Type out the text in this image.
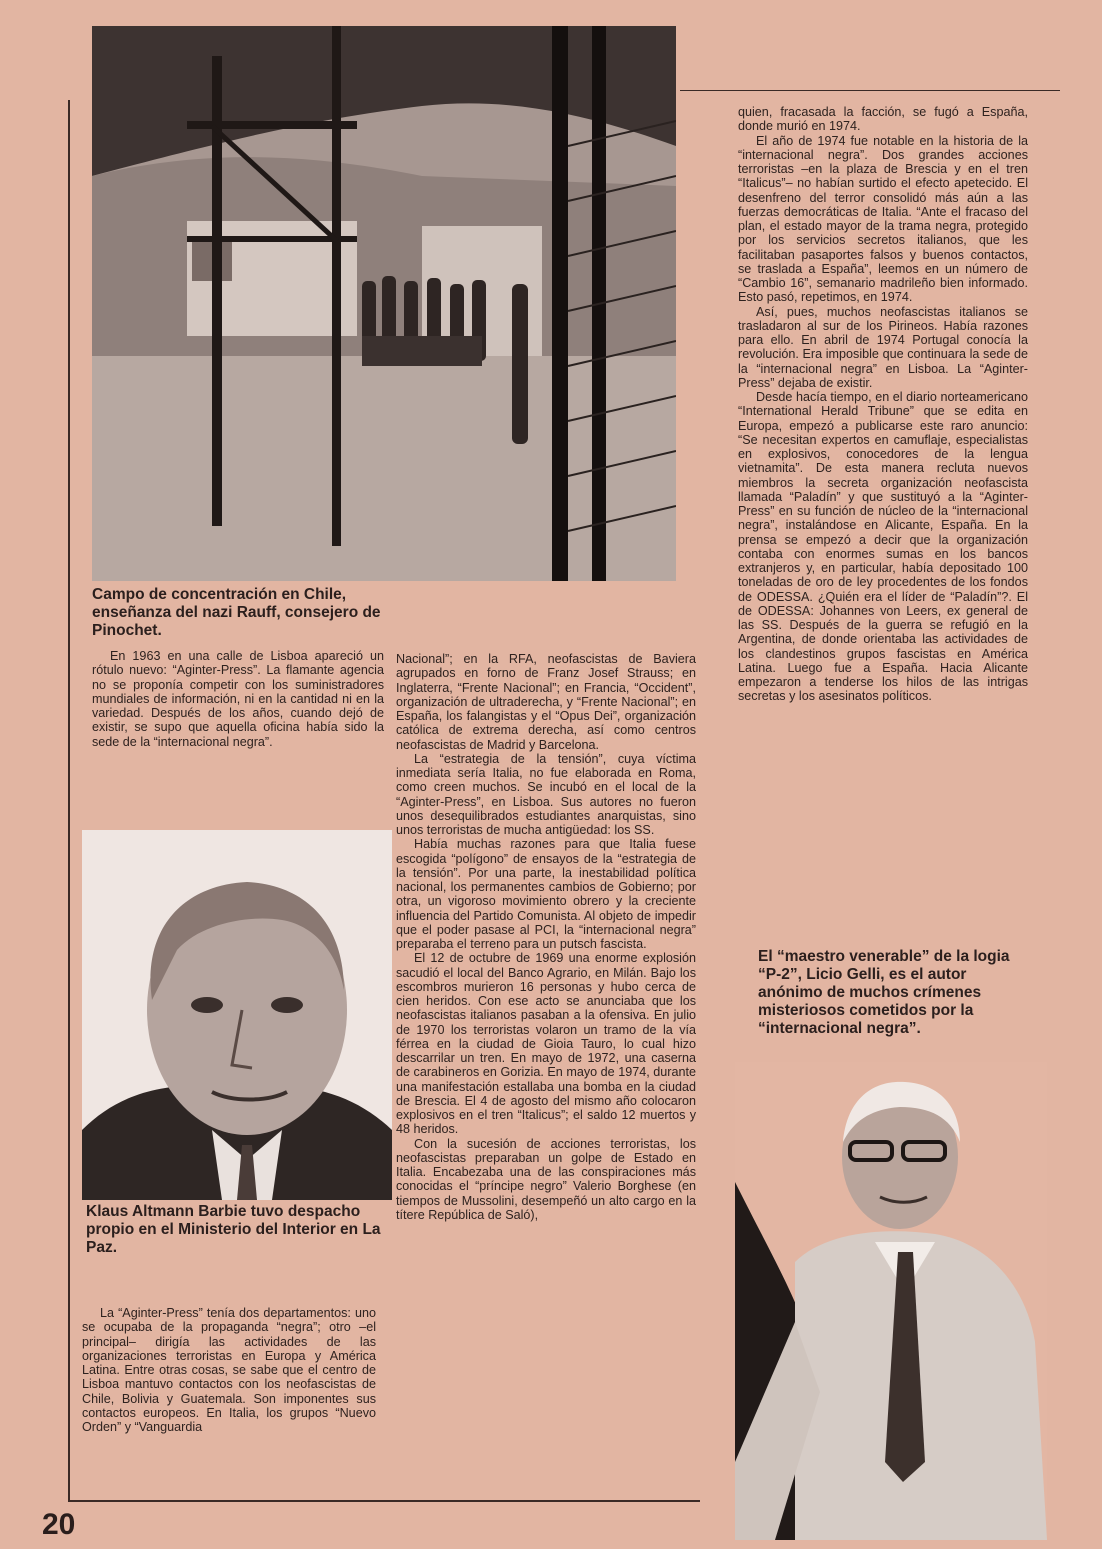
Campo de concentración en Chile, enseñanza del nazi Rauff, consejero de Pinochet.

En 1963 en una calle de Lisboa apareció un rótulo nuevo: “Aginter-Press”. La flamante agencia no se proponía competir con los suministradores mundiales de información, ni en la cantidad ni en la variedad. Después de los años, cuando dejó de existir, se supo que aquella oficina había sido la sede de la “internacional negra”.

Klaus Altmann Barbie tuvo despacho propio en el Ministerio del Interior en La Paz.

La “Aginter-Press” tenía dos departamentos: uno se ocupaba de la propaganda “negra”; otro –el principal– dirigía las actividades de las organizaciones terroristas en Europa y América Latina. Entre otras cosas, se sabe que el centro de Lisboa mantuvo contactos con los neofascistas de Chile, Bolivia y Guatemala. Son imponentes sus contactos europeos. En Italia, los grupos “Nuevo Orden” y “Vanguardia

Nacional”; en la RFA, neofascistas de Baviera agrupados en forno de Franz Josef Strauss; en Inglaterra, “Frente Nacional”; en Francia, “Occident”, organización de ultraderecha, y “Frente Nacional”; en España, los falangistas y el “Opus Dei”, organización católica de extrema derecha, así como centros neofascistas de Madrid y Barcelona.

La “estrategia de la tensión”, cuya víctima inmediata sería Italia, no fue elaborada en Roma, como creen muchos. Se incubó en el local de la “Aginter-Press”, en Lisboa. Sus autores no fueron unos desequilibrados estudiantes anarquistas, sino unos terroristas de mucha antigüedad: los SS.

Había muchas razones para que Italia fuese escogida “polígono” de ensayos de la “estrategia de la tensión”. Por una parte, la inestabilidad política nacional, los permanentes cambios de Gobierno; por otra, un vigoroso movimiento obrero y la creciente influencia del Partido Comunista. Al objeto de impedir que el poder pasase al PCI, la “internacional negra” preparaba el terreno para un putsch fascista.

El 12 de octubre de 1969 una enorme explosión sacudió el local del Banco Agrario, en Milán. Bajo los escombros murieron 16 personas y hubo cerca de cien heridos. Con ese acto se anunciaba que los neofascistas italianos pasaban a la ofensiva. En julio de 1970 los terroristas volaron un tramo de la vía férrea en la ciudad de Gioia Tauro, lo cual hizo descarrilar un tren. En mayo de 1972, una caserna de carabineros en Gorizia. En mayo de 1974, durante una manifestación estallaba una bomba en la ciudad de Brescia. El 4 de agosto del mismo año colocaron explosivos en el tren “Italicus”; el saldo 12 muertos y 48 heridos.

Con la sucesión de acciones terroristas, los neofascistas preparaban un golpe de Estado en Italia. Encabezaba una de las conspiraciones más conocidas el “príncipe negro” Valerio Borghese (en tiempos de Mussolini, desempeñó un alto cargo en la títere República de Saló),

quien, fracasada la facción, se fugó a España, donde murió en 1974.

El año de 1974 fue notable en la historia de la “internacional negra”. Dos grandes acciones terroristas –en la plaza de Brescia y en el tren “Italicus”– no habían surtido el efecto apetecido. El desenfreno del terror consolidó más aún a las fuerzas democráticas de Italia. “Ante el fracaso del plan, el estado mayor de la trama negra, protegido por los servicios secretos italianos, que les facilitaban pasaportes falsos y buenos contactos, se traslada a España”, leemos en un número de “Cambio 16”, semanario madrileño bien informado. Esto pasó, repetimos, en 1974.

Así, pues, muchos neofascistas italianos se trasladaron al sur de los Pirineos. Había razones para ello. En abril de 1974 Portugal conocía la revolución. Era imposible que continuara la sede de la “internacional negra” en Lisboa. La “Aginter-Press” dejaba de existir.

Desde hacía tiempo, en el diario norteamericano “International Herald Tribune” que se edita en Europa, empezó a publicarse este raro anuncio: “Se necesitan expertos en camuflaje, especialistas en explosivos, conocedores de la lengua vietnamita”. De esta manera recluta nuevos miembros la secreta organización neofascista llamada “Paladín” y que sustituyó a la “Aginter-Press” en su función de núcleo de la “internacional negra”, instalándose en Alicante, España. En la prensa se empezó a decir que la organización contaba con enormes sumas en los bancos extranjeros y, en particular, había depositado 100 toneladas de oro de ley procedentes de los fondos de ODESSA. ¿Quién era el líder de “Paladín”?. El de ODESSA: Johannes von Leers, ex general de las SS. Después de la guerra se refugió en la Argentina, de donde orientaba las actividades de los clandestinos grupos fascistas en América Latina. Luego fue a España. Hacia Alicante empezaron a tenderse los hilos de las intrigas secretas y los asesinatos políticos.

El “maestro venerable” de la logia “P-2”, Licio Gelli, es el autor anónimo de muchos crímenes misteriosos cometidos por la “internacional negra”.

20
